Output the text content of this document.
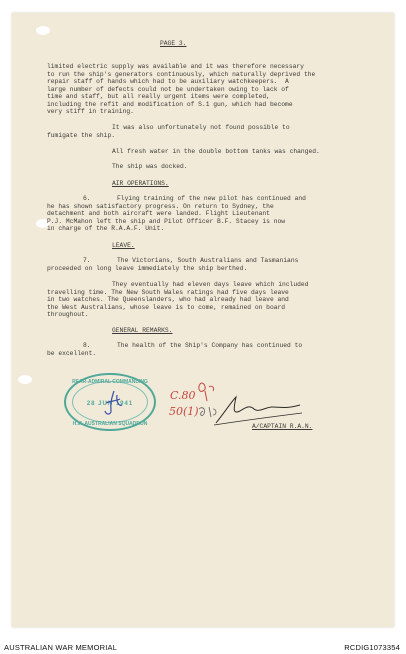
PAGE 3.
limited electric supply was available and it was therefore necessary
to run the ship's generators continuously, which naturally deprived the
repair staff of hands which had to be auxiliary watchkeepers.  A
large number of defects could not be undertaken owing to lack of
time and staff, but all really urgent items were completed,
including the refit and modification of S.1 gun, which had become
very stiff in training.
It was also unfortunately not found possible to
fumigate the ship.
All fresh water in the double bottom tanks was changed.
The ship was docked.
AIR OPERATIONS.
6.       Flying training of the new pilot has continued and
he has shown satisfactory progress. On return to Sydney, the
detachment and both aircraft were landed. Flight Lieutenant
P.J. McMahon left the ship and Pilot Officer B.F. Stacey is now
in charge of the R.A.A.F. Unit.
LEAVE.
7.       The Victorians, South Australians and Tasmanians
proceeded on long leave immediately the ship berthed.
They eventually had eleven days leave which included
travelling time. The New South Wales ratings had five days leave
in two watches. The Queenslanders, who had already had leave and
the West Australians, whose leave is to come, remained on board
throughout.
GENERAL REMARKS.
8.       The health of the Ship's Company has continued to
be excellent.
REAR-ADMIRAL COMMANDING
28 JUN 1941
H.M. AUSTRALIAN SQUADRON
C.80
50(1)
A/CAPTAIN R.A.N.
AUSTRALIAN WAR MEMORIAL	RCDIG1073354
